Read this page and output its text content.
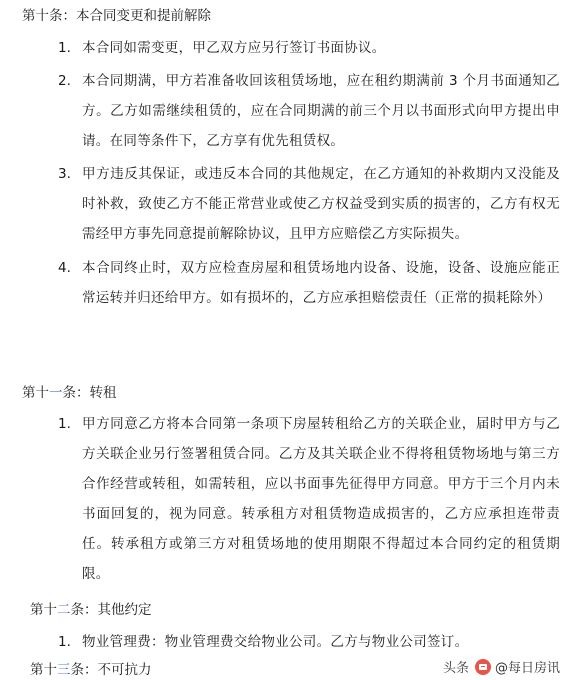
第十条：本合同变更和提前解除
1. 本合同如需变更，甲乙双方应另行签订书面协议。
2. 本合同期满，甲方若准备收回该租赁场地，应在租约期满前 3 个月书面通知乙方。乙方如需继续租赁的，应在合同期满的前三个月以书面形式向甲方提出申请。在同等条件下，乙方享有优先租赁权。
3. 甲方违反其保证，或违反本合同的其他规定，在乙方通知的补救期内又没能及时补救，致使乙方不能正常营业或使乙方权益受到实质的损害的，乙方有权无需经甲方事先同意提前解除协议，且甲方应赔偿乙方实际损失。
4. 本合同终止时，双方应检查房屋和租赁场地内设备、设施，设备、设施应能正常运转并归还给甲方。如有损坏的，乙方应承担赔偿责任（正常的损耗除外）
第十一条：转租
1. 甲方同意乙方将本合同第一条项下房屋转租给乙方的关联企业，届时甲方与乙方关联企业另行签署租赁合同。乙方及其关联企业不得将租赁物场地与第三方合作经营或转租，如需转租，应以书面事先征得甲方同意。甲方于三个月内未书面回复的，视为同意。转承租方对租赁物造成损害的，乙方应承担连带责任。转承租方或第三方对租赁场地的使用期限不得超过本合同约定的租赁期限。
第十二条：其他约定
1. 物业管理费：物业管理费交给物业公司。乙方与物业公司签订。
第十三条：不可抗力	头条 @每日房讯
